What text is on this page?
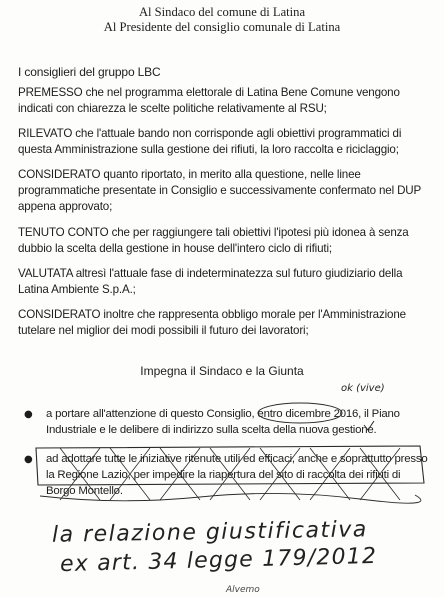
Al Sindaco del comune di Latina
Al Presidente del consiglio comunale di Latina
I consiglieri del gruppo LBC
PREMESSO che nel programma elettorale di Latina Bene Comune vengono indicati con chiarezza le scelte politiche relativamente al RSU;
RILEVATO che l'attuale bando non corrisponde agli obiettivi programmatici di questa Amministrazione sulla gestione dei rifiuti, la loro raccolta e riciclaggio;
CONSIDERATO quanto riportato, in merito alla questione, nelle linee programmatiche presentate in Consiglio e successivamente confermato nel DUP appena approvato;
TENUTO CONTO che per raggiungere tali obiettivi l'ipotesi più idonea à senza dubbio la scelta della gestione in house dell'intero ciclo di rifiuti;
VALUTATA altresì l'attuale fase di indeterminatezza sul futuro giudiziario della Latina Ambiente S.p.A.;
CONSIDERATO inoltre che rappresenta obbligo morale per l'Amministrazione tutelare nel miglior dei modi possibili il futuro dei lavoratori;
Impegna il Sindaco e la Giunta
● a portare all'attenzione di questo Consiglio, entro dicembre 2016, il Piano Industriale e le delibere di indirizzo sulla scelta della nuova gestione.
● ad adottare tutte le iniziative ritenute utili ed efficaci, anche e soprattutto presso la Regione Lazio, per impedire la riapertura del sito di raccolta dei rifiuti di Borgo Montello.
ok (vive)
la relazione giustificativa
ex art. 34 legge 179/2012
Alvemo
